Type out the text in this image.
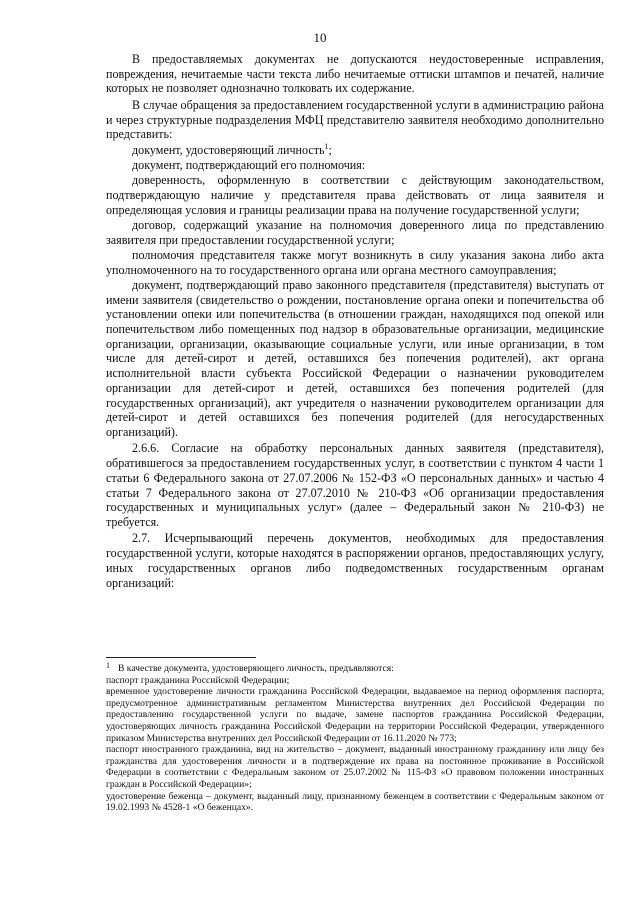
10

В предоставляемых документах не допускаются неудостоверенные исправления, повреждения, нечитаемые части текста либо нечитаемые оттиски штампов и печатей, наличие которых не позволяет однозначно толковать их содержание.

В случае обращения за предоставлением государственной услуги в администрацию района и через структурные подразделения МФЦ представителю заявителя необходимо дополнительно представить:

документ, удостоверяющий личность$^1$;

документ, подтверждающий его полномочия:

доверенность, оформленную в соответствии с действующим законодательством, подтверждающую наличие у представителя права действовать от лица заявителя и определяющая условия и границы реализации права на получение государственной услуги;

договор, содержащий указание на полномочия доверенного лица по представлению заявителя при предоставлении государственной услуги;

полномочия представителя также могут возникнуть в силу указания закона либо акта уполномоченного на то государственного органа или органа местного самоуправления;

документ, подтверждающий право законного представителя (представителя) выступать от имени заявителя (свидетельство о рождении, постановление органа опеки и попечительства об установлении опеки или попечительства (в отношении граждан, находящихся под опекой или попечительством либо помещенных под надзор в образовательные организации, медицинские организации, организации, оказывающие социальные услуги, или иные организации, в том числе для детей-сирот и детей, оставшихся без попечения родителей), акт органа исполнительной власти субъекта Российской Федерации о назначении руководителем организации для детей-сирот и детей, оставшихся без попечения родителей (для государственных организаций), акт учредителя о назначении руководителем организации для детей-сирот и детей оставшихся без попечения родителей (для негосударственных организаций).

2.6.6. Согласие на обработку персональных данных заявителя (представителя), обратившегося за предоставлением государственных услуг, в соответствии с пунктом 4 части 1 статьи 6 Федерального закона от 27.07.2006 № 152-ФЗ «О персональных данных» и частью 4 статьи 7 Федерального закона от 27.07.2010 № 210-ФЗ «Об организации предоставления государственных и муниципальных услуг» (далее – Федеральный закон № 210-ФЗ) не требуется.

2.7. Исчерпывающий перечень документов, необходимых для предоставления государственной услуги, которые находятся в распоряжении органов, предоставляющих услугу, иных государственных органов либо подведомственных государственным органам организаций:

$^1$ В качестве документа, удостоверяющего личность, предъявляются:

паспорт гражданина Российской Федерации;

временное удостоверение личности гражданина Российской Федерации, выдаваемое на период оформления паспорта, предусмотренное административным регламентом Министерства внутренних дел Российской Федерации по предоставлению государственной услуги по выдаче, замене паспортов гражданина Российской Федерации, удостоверяющих личность гражданина Российской Федерации на территории Российской Федерации, утвержденного приказом Министерства внутренних дел Российской Федерации от 16.11.2020 № 773;

паспорт иностранного гражданина, вид на жительство – документ, выданный иностранному гражданину или лицу без гражданства для удостоверения личности и в подтверждение их права на постоянное проживание в Российской Федерации в соответствии с Федеральным законом от 25.07.2002 № 115-ФЗ «О правовом положении иностранных граждан в Российской Федерации»;

удостоверение беженца – документ, выданный лицу, признанному беженцем в соответствии с Федеральным законом от 19.02.1993 № 4528-1 «О беженцах».
